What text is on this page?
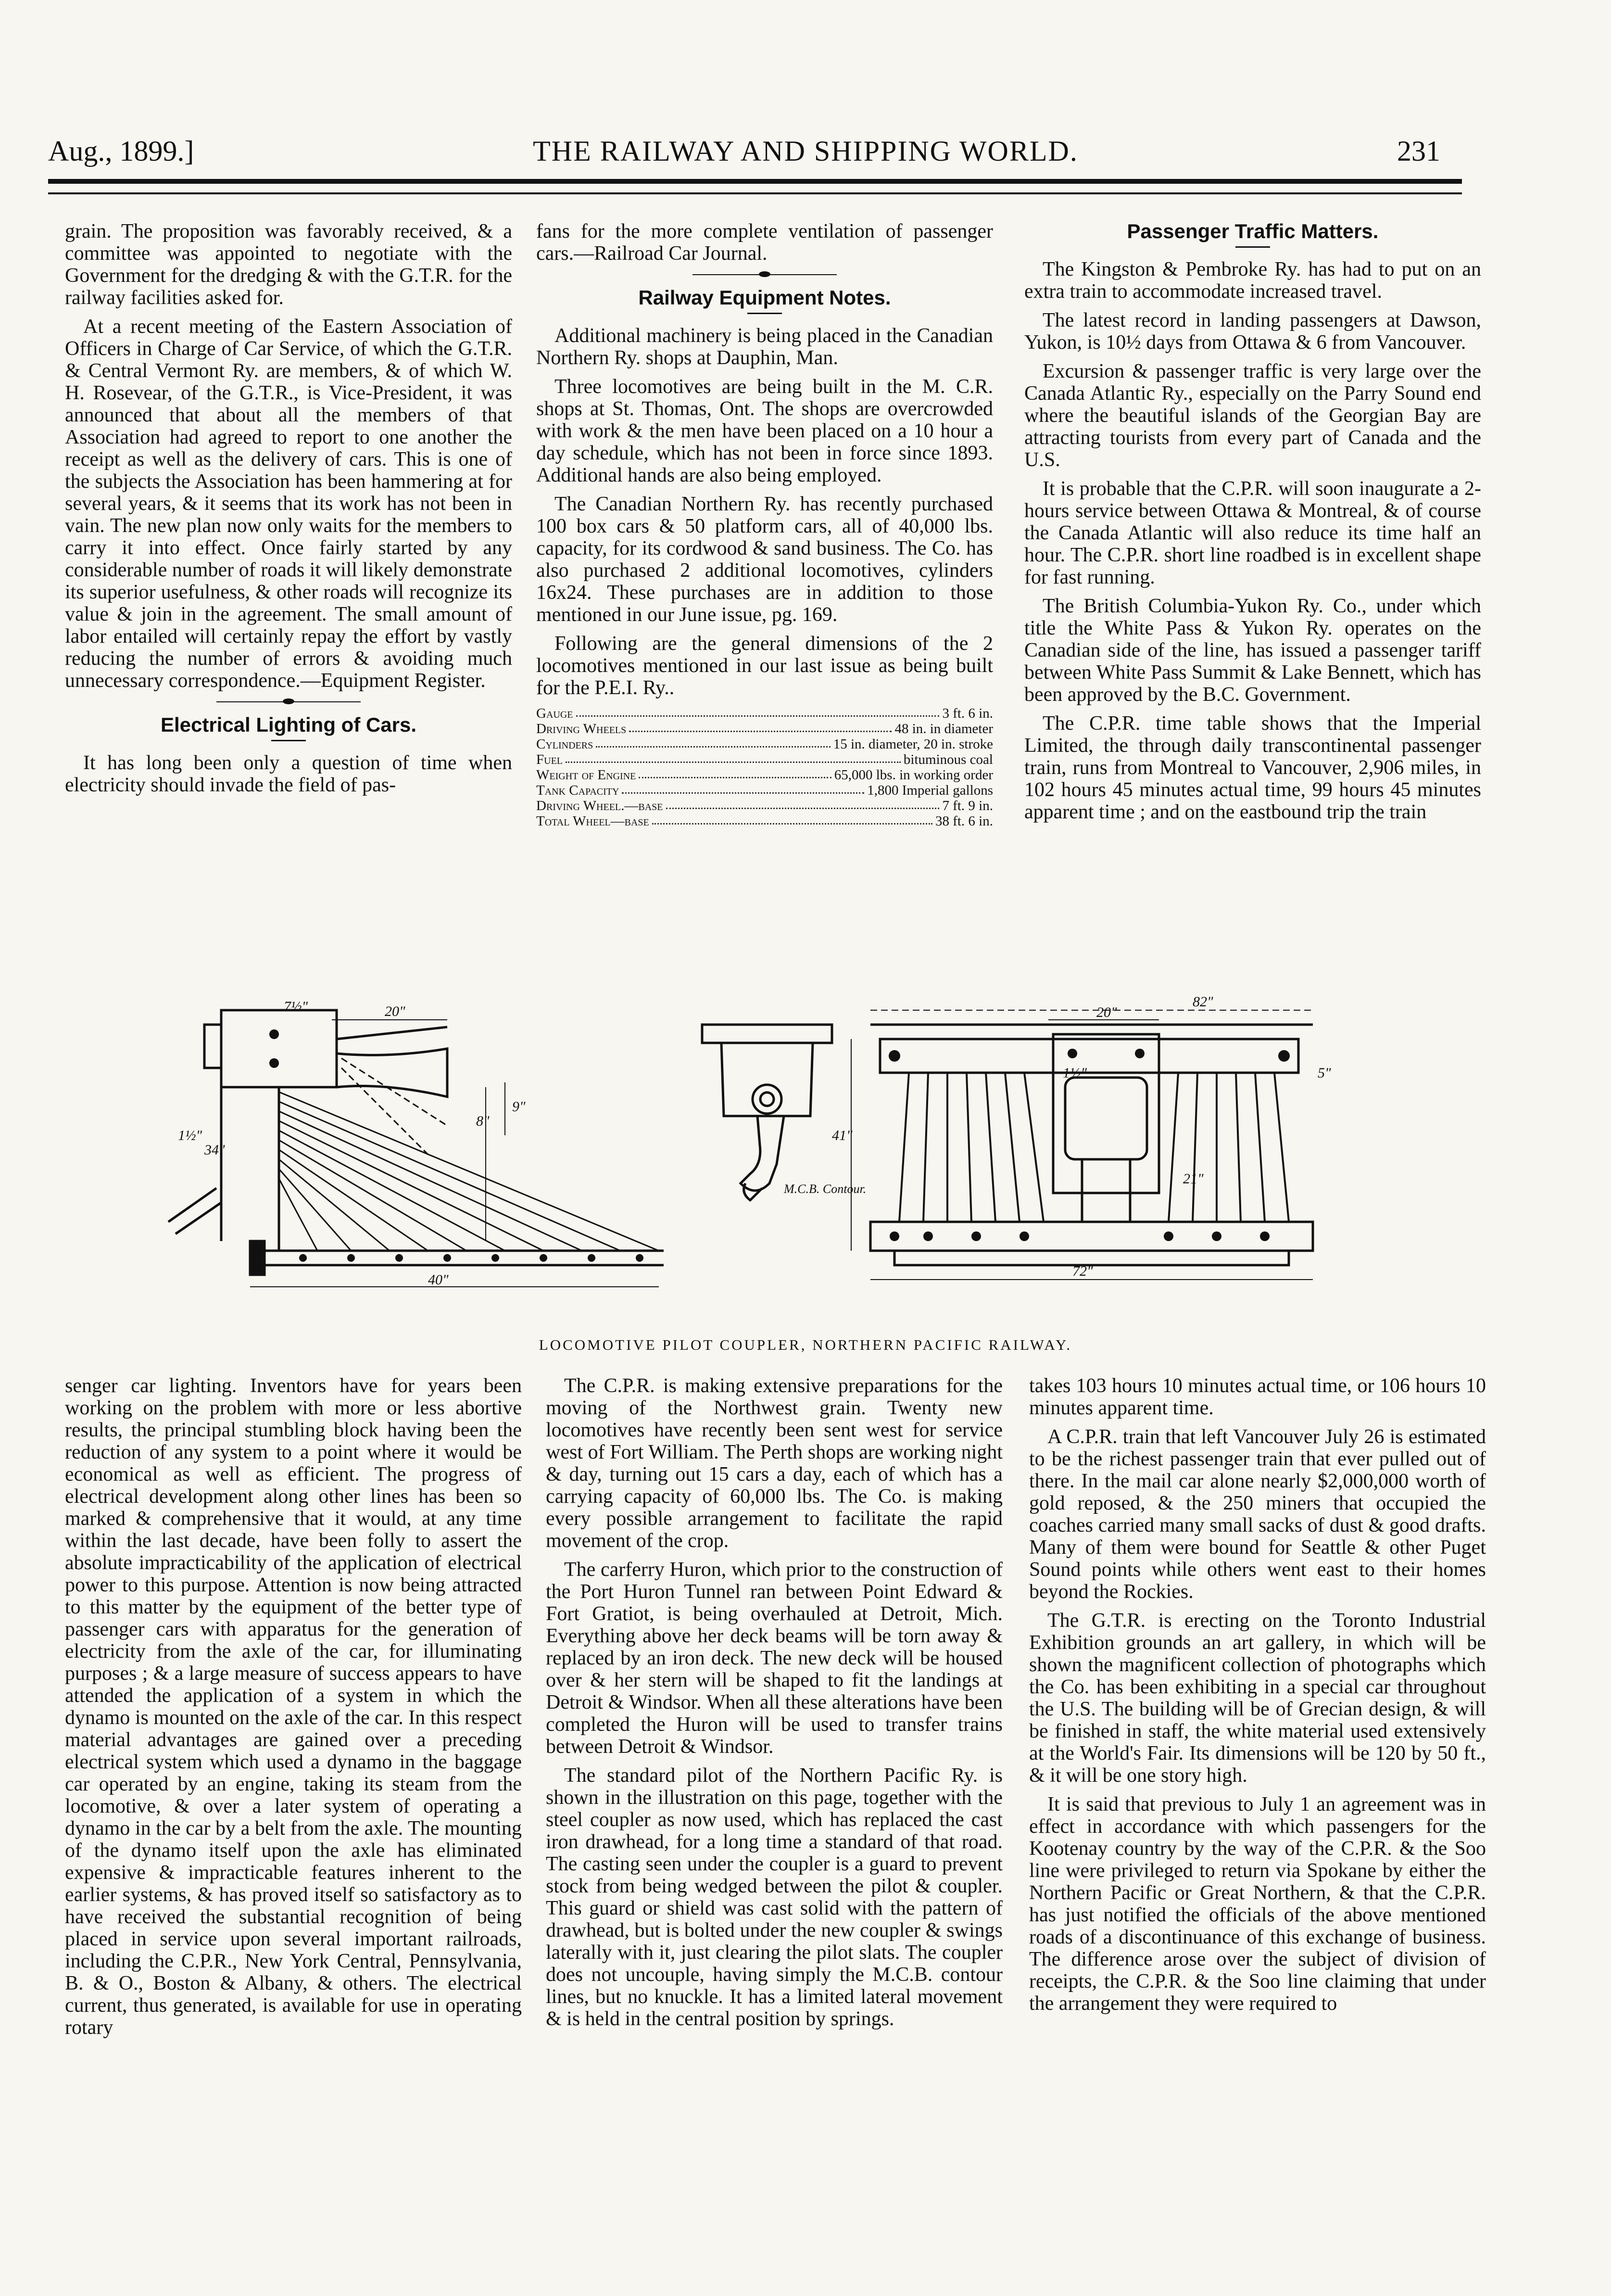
Aug., 1899.]	THE RAILWAY AND SHIPPING WORLD.	231

grain. The proposition was favorably received, & a committee was appointed to negotiate with the Government for the dredging & with the G.T.R. for the railway facilities asked for.

At a recent meeting of the Eastern Association of Officers in Charge of Car Service, of which the G.T.R. & Central Vermont Ry. are members, & of which W. H. Rosevear, of the G.T.R., is Vice-President, it was announced that about all the members of that Association had agreed to report to one another the receipt as well as the delivery of cars. This is one of the subjects the Association has been hammering at for several years, & it seems that its work has not been in vain. The new plan now only waits for the members to carry it into effect. Once fairly started by any considerable number of roads it will likely demonstrate its superior usefulness, & other roads will recognize its value & join in the agreement. The small amount of labor entailed will certainly repay the effort by vastly reducing the number of errors & avoiding much unnecessary correspondence.—Equipment Register.

Electrical Lighting of Cars.

It has long been only a question of time when electricity should invade the field of pas-

fans for the more complete ventilation of passenger cars.—Railroad Car Journal.

Railway Equipment Notes.

Additional machinery is being placed in the Canadian Northern Ry. shops at Dauphin, Man.

Three locomotives are being built in the M. C.R. shops at St. Thomas, Ont. The shops are overcrowded with work & the men have been placed on a 10 hour a day schedule, which has not been in force since 1893. Additional hands are also being employed.

The Canadian Northern Ry. has recently purchased 100 box cars & 50 platform cars, all of 40,000 lbs. capacity, for its cordwood & sand business. The Co. has also purchased 2 additional locomotives, cylinders 16x24. These purchases are in addition to those mentioned in our June issue, pg. 169.

Following are the general dimensions of the 2 locomotives mentioned in our last issue as being built for the P.E.I. Ry..

Gauge	3 ft. 6 in.
Driving Wheels	48 in. in diameter
Cylinders	15 in. diameter, 20 in. stroke
Fuel	bituminous coal
Weight of Engine	65,000 lbs. in working order
Tank Capacity	1,800 Imperial gallons
Driving Wheel.—base	7 ft. 9 in.
Total Wheel—base	38 ft. 6 in.
Passenger Traffic Matters.

The Kingston & Pembroke Ry. has had to put on an extra train to accommodate increased travel.

The latest record in landing passengers at Dawson, Yukon, is 10½ days from Ottawa & 6 from Vancouver.

Excursion & passenger traffic is very large over the Canada Atlantic Ry., especially on the Parry Sound end where the beautiful islands of the Georgian Bay are attracting tourists from every part of Canada and the U.S.

It is probable that the C.P.R. will soon inaugurate a 2-hours service between Ottawa & Montreal, & of course the Canada Atlantic will also reduce its time half an hour. The C.P.R. short line roadbed is in excellent shape for fast running.

The British Columbia-Yukon Ry. Co., under which title the White Pass & Yukon Ry. operates on the Canadian side of the line, has issued a passenger tariff between White Pass Summit & Lake Bennett, which has been approved by the B.C. Government.

The C.P.R. time table shows that the Imperial Limited, the through daily transcontinental passenger train, runs from Montreal to Vancouver, 2,906 miles, in 102 hours 45 minutes actual time, 99 hours 45 minutes apparent time ; and on the eastbound trip the train

20"
7½"
9"
8"
34"
40"
1½"	41"
82"
20"
21"
72"
5"
1½"
M.C.B. Contour.
LOCOMOTIVE PILOT COUPLER, NORTHERN PACIFIC RAILWAY.

senger car lighting. Inventors have for years been working on the problem with more or less abortive results, the principal stumbling block having been the reduction of any system to a point where it would be economical as well as efficient. The progress of electrical development along other lines has been so marked & comprehensive that it would, at any time within the last decade, have been folly to assert the absolute impracticability of the application of electrical power to this purpose. Attention is now being attracted to this matter by the equipment of the better type of passenger cars with apparatus for the generation of electricity from the axle of the car, for illuminating purposes ; & a large measure of success appears to have attended the application of a system in which the dynamo is mounted on the axle of the car. In this respect material advantages are gained over a preceding electrical system which used a dynamo in the baggage car operated by an engine, taking its steam from the locomotive, & over a later system of operating a dynamo in the car by a belt from the axle. The mounting of the dynamo itself upon the axle has eliminated expensive & impracticable features inherent to the earlier systems, & has proved itself so satisfactory as to have received the substantial recognition of being placed in service upon several important railroads, including the C.P.R., New York Central, Pennsylvania, B. & O., Boston & Albany, & others. The electrical current, thus generated, is available for use in operating rotary

The C.P.R. is making extensive preparations for the moving of the Northwest grain. Twenty new locomotives have recently been sent west for service west of Fort William. The Perth shops are working night & day, turning out 15 cars a day, each of which has a carrying capacity of 60,000 lbs. The Co. is making every possible arrangement to facilitate the rapid movement of the crop.

The carferry Huron, which prior to the construction of the Port Huron Tunnel ran between Point Edward & Fort Gratiot, is being overhauled at Detroit, Mich. Everything above her deck beams will be torn away & replaced by an iron deck. The new deck will be housed over & her stern will be shaped to fit the landings at Detroit & Windsor. When all these alterations have been completed the Huron will be used to transfer trains between Detroit & Windsor.

The standard pilot of the Northern Pacific Ry. is shown in the illustration on this page, together with the steel coupler as now used, which has replaced the cast iron drawhead, for a long time a standard of that road. The casting seen under the coupler is a guard to prevent stock from being wedged between the pilot & coupler. This guard or shield was cast solid with the pattern of drawhead, but is bolted under the new coupler & swings laterally with it, just clearing the pilot slats. The coupler does not uncouple, having simply the M.C.B. contour lines, but no knuckle. It has a limited lateral movement & is held in the central position by springs.

takes 103 hours 10 minutes actual time, or 106 hours 10 minutes apparent time.

A C.P.R. train that left Vancouver July 26 is estimated to be the richest passenger train that ever pulled out of there. In the mail car alone nearly $2,000,000 worth of gold reposed, & the 250 miners that occupied the coaches carried many small sacks of dust & good drafts. Many of them were bound for Seattle & other Puget Sound points while others went east to their homes beyond the Rockies.

The G.T.R. is erecting on the Toronto Industrial Exhibition grounds an art gallery, in which will be shown the magnificent collection of photographs which the Co. has been exhibiting in a special car throughout the U.S. The building will be of Grecian design, & will be finished in staff, the white material used extensively at the World's Fair. Its dimensions will be 120 by 50 ft., & it will be one story high.

It is said that previous to July 1 an agreement was in effect in accordance with which passengers for the Kootenay country by the way of the C.P.R. & the Soo line were privileged to return via Spokane by either the Northern Pacific or Great Northern, & that the C.P.R. has just notified the officials of the above mentioned roads of a discontinuance of this exchange of business. The difference arose over the subject of division of receipts, the C.P.R. & the Soo line claiming that under the arrangement they were required to
